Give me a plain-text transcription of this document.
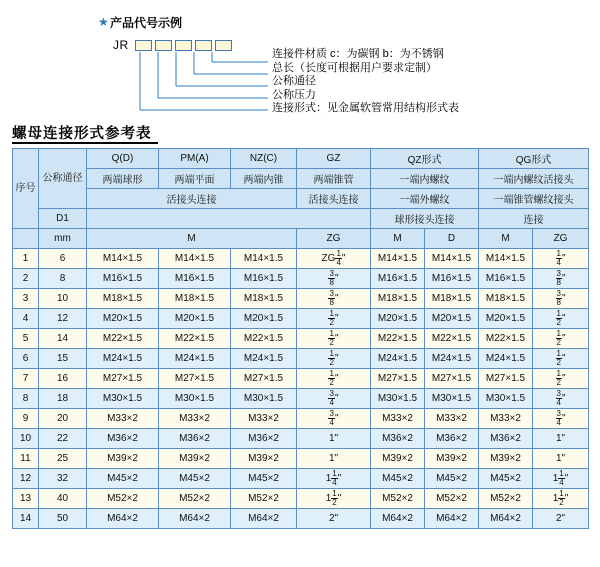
★ 产品代号示例
JR
连接件材质 c：为碳钢 b：为不锈钢
总长（长度可根据用户要求定制）
公称通径
公称压力
连接形式：见金属软管常用结构形式表
螺母连接形式参考表
序号	公称通径	Q(D)	PM(A)	NZ(C)	GZ	QZ形式		QG形式	
		两端球形	两端平面	两端内锥	两端锥管	一端内螺纹		一端内螺纹活接头	
		活接头连接			活接头连接	一端外螺纹		一端锥管螺纹接头	
	D1					球形接头连接		连接	
	mm	M			ZG	M	D	M	ZG
1	6	M14×1.5	M14×1.5	M14×1.5	ZG $\frac{1}{4}$ "	M14×1.5	M14×1.5	M14×1.5	$\frac{1}{4}$ "
2	8	M16×1.5	M16×1.5	M16×1.5	$\frac{3}{8}$ "	M16×1.5	M16×1.5	M16×1.5	$\frac{3}{8}$ "
3	10	M18×1.5	M18×1.5	M18×1.5	$\frac{3}{8}$ "	M18×1.5	M18×1.5	M18×1.5	$\frac{3}{8}$ "
4	12	M20×1.5	M20×1.5	M20×1.5	$\frac{1}{2}$ "	M20×1.5	M20×1.5	M20×1.5	$\frac{1}{2}$ "
5	14	M22×1.5	M22×1.5	M22×1.5	$\frac{1}{2}$ "	M22×1.5	M22×1.5	M22×1.5	$\frac{1}{2}$ "
6	15	M24×1.5	M24×1.5	M24×1.5	$\frac{1}{2}$ "	M24×1.5	M24×1.5	M24×1.5	$\frac{1}{2}$ "
7	16	M27×1.5	M27×1.5	M27×1.5	$\frac{1}{2}$ "	M27×1.5	M27×1.5	M27×1.5	$\frac{1}{2}$ "
8	18	M30×1.5	M30×1.5	M30×1.5	$\frac{3}{4}$ "	M30×1.5	M30×1.5	M30×1.5	$\frac{3}{4}$ "
9	20	M33×2	M33×2	M33×2	$\frac{3}{4}$ "	M33×2	M33×2	M33×2	$\frac{3}{4}$ "
10	22	M36×2	M36×2	M36×2	1"	M36×2	M36×2	M36×2	1"
11	25	M39×2	M39×2	M39×2	1"	M39×2	M39×2	M39×2	1"
12	32	M45×2	M45×2	M45×2	$1 \frac{1}{4}$ "	M45×2	M45×2	M45×2	$1 \frac{1}{4}$ "
13	40	M52×2	M52×2	M52×2	$1 \frac{1}{2}$ "	M52×2	M52×2	M52×2	$1 \frac{1}{2}$ "
14	50	M64×2	M64×2	M64×2	2"	M64×2	M64×2	M64×2	2"
